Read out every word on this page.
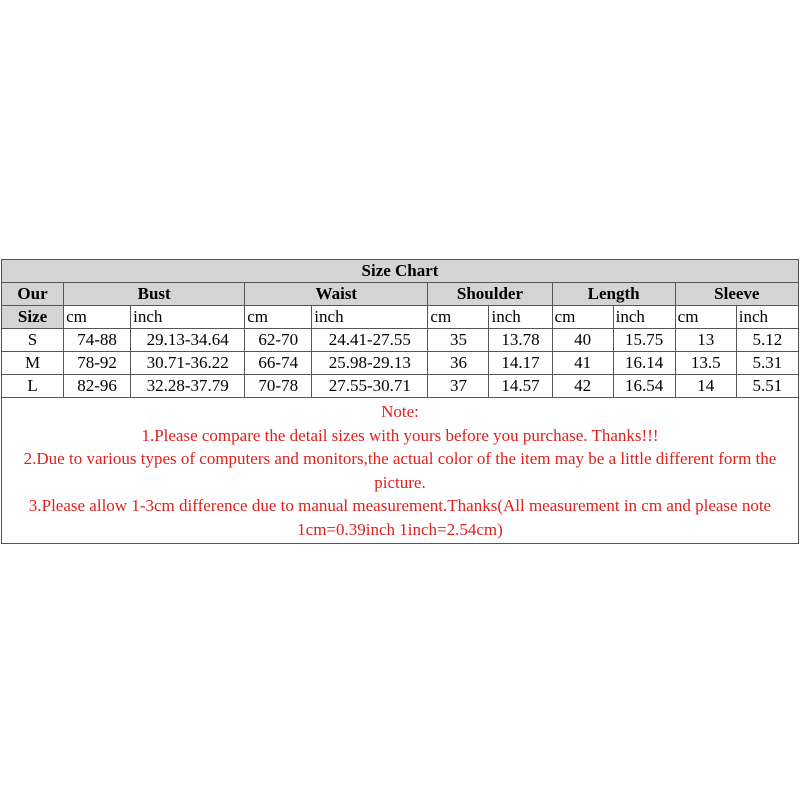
Size Chart										
Our	Bust		Waist		Shoulder		Length		Sleeve	
Size	cm	inch	cm	inch	cm	inch	cm	inch	cm	inch
S	74-88	29.13-34.64	62-70	24.41-27.55	35	13.78	40	15.75	13	5.12
M	78-92	30.71-36.22	66-74	25.98-29.13	36	14.17	41	16.14	13.5	5.31
L	82-96	32.28-37.79	70-78	27.55-30.71	37	14.57	42	16.54	14	5.51

Note:
1.Please compare the detail sizes with yours before you purchase. Thanks!!!
2.Due to various types of computers and monitors,the actual color of the item may be a little different form the picture.
3.Please allow 1-3cm difference due to manual measurement.Thanks(All measurement in cm and please note 1cm=0.39inch 1inch=2.54cm)										
